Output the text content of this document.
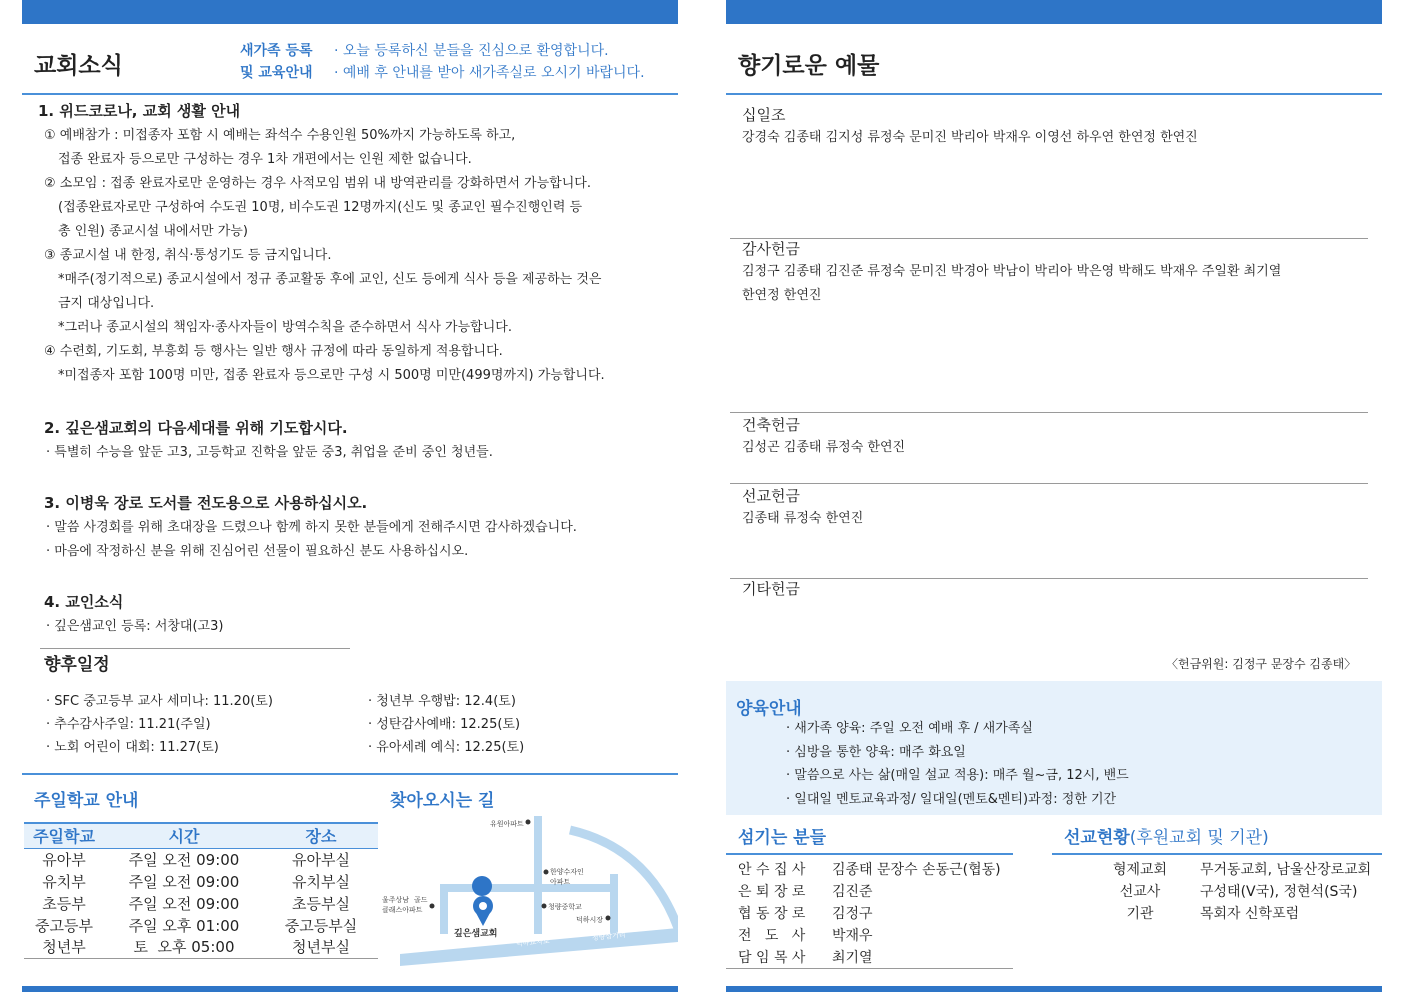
교회소식
새가족 등록
및 교육안내
· 오늘 등록하신 분들을 진심으로 환영합니다.
· 예배 후 안내를 받아 새가족실로 오시기 바랍니다.
1. 위드코로나, 교회 생활 안내
① 예배참가 : 미접종자 포함 시 예배는 좌석수 수용인원 50%까지 가능하도록 하고,
접종 완료자 등으로만 구성하는 경우 1차 개편에서는 인원 제한 없습니다.
② 소모임 : 접종 완료자로만 운영하는 경우 사적모임 범위 내 방역관리를 강화하면서 가능합니다.
(접종완료자로만 구성하여 수도권 10명, 비수도권 12명까지(신도 및 종교인 필수진행인력 등
총 인원) 종교시설 내에서만 가능)
③ 종교시설 내 한정, 취식·통성기도 등 금지입니다.
*매주(정기적으로) 종교시설에서 정규 종교활동 후에 교인, 신도 등에게 식사 등을 제공하는 것은
금지 대상입니다.
*그러나 종교시설의 책임자·종사자들이 방역수칙을 준수하면서 식사 가능합니다.
④ 수련회, 기도회, 부흥회 등 행사는 일반 행사 규정에 따라 동일하게 적용합니다.
*미접종자 포함 100명 미만, 접종 완료자 등으로만 구성 시 500명 미만(499명까지) 가능합니다.
2. 깊은샘교회의 다음세대를 위해 기도합시다.
· 특별히 수능을 앞둔 고3, 고등학교 진학을 앞둔 중3, 취업을 준비 중인 청년들.
3. 이병욱 장로 도서를 전도용으로 사용하십시오.
· 말씀 사경회를 위해 초대장을 드렸으나 함께 하지 못한 분들에게 전해주시면 감사하겠습니다.
· 마음에 작정하신 분을 위해 진심어린 선물이 필요하신 분도 사용하십시오.
4. 교인소식
· 깊은샘교인 등록: 서창대(고3)
향후일정
· SFC 중고등부 교사 세미나: 11.20(토)
· 추수감사주일: 11.21(주일)
· 노회 어린이 대회: 11.27(토)
· 청년부 우행밥: 12.4(토)
· 성탄감사예배: 12.25(토)
· 유아세례 예식: 12.25(토)
주일학교 안내
주일학교	시간	장소
유아부	주일 오전 09:00	유아부실
유치부	주일 오전 09:00	유치부실
초등부	주일 오전 09:00	초등부실
중고등부	주일 오후 01:00	중고등부실
청년부	토  오후 05:00	청년부실
찾아오시는 길
유원아파트
한양수자인
아파트
울주상남 골드
클래스아파트	청량중학교
덕하시장
깊은샘교회
덕하교차로
청량삼거리
향기로운 예물
십일조
강경숙 김종태 김지성 류정숙 문미진 박리아 박재우 이영선 하우연 한연정 한연진
감사헌금
김정구 김종태 김진준 류정숙 문미진 박경아 박남이 박리아 박은영 박해도 박재우 주일환 최기열
한연정 한연진
건축헌금
김성곤 김종태 류정숙 한연진
선교헌금
김종태 류정숙 한연진
기타헌금
〈헌금위원: 김정구 문장수 김종태〉
양육안내
· 새가족 양육: 주일 오전 예배 후 / 새가족실
· 심방을 통한 양육: 매주 화요일
· 말씀으로 사는 삶(매일 설교 적용): 매주 월~금, 12시, 밴드
· 일대일 멘토교육과정/ 일대일(멘토&멘티)과정: 정한 기간
섬기는 분들
안 수 집 사	김종태 문장수 손동근(협동)
은 퇴 장 로	김진준
협 동 장 로	김정구
전   도   사	박재우
담 임 목 사	최기열
선교현황(후원교회 및 기관)
형제교회	무거동교회, 남울산장로교회
선교사	구성태(V국), 정현석(S국)
기관	목회자 신학포럼
